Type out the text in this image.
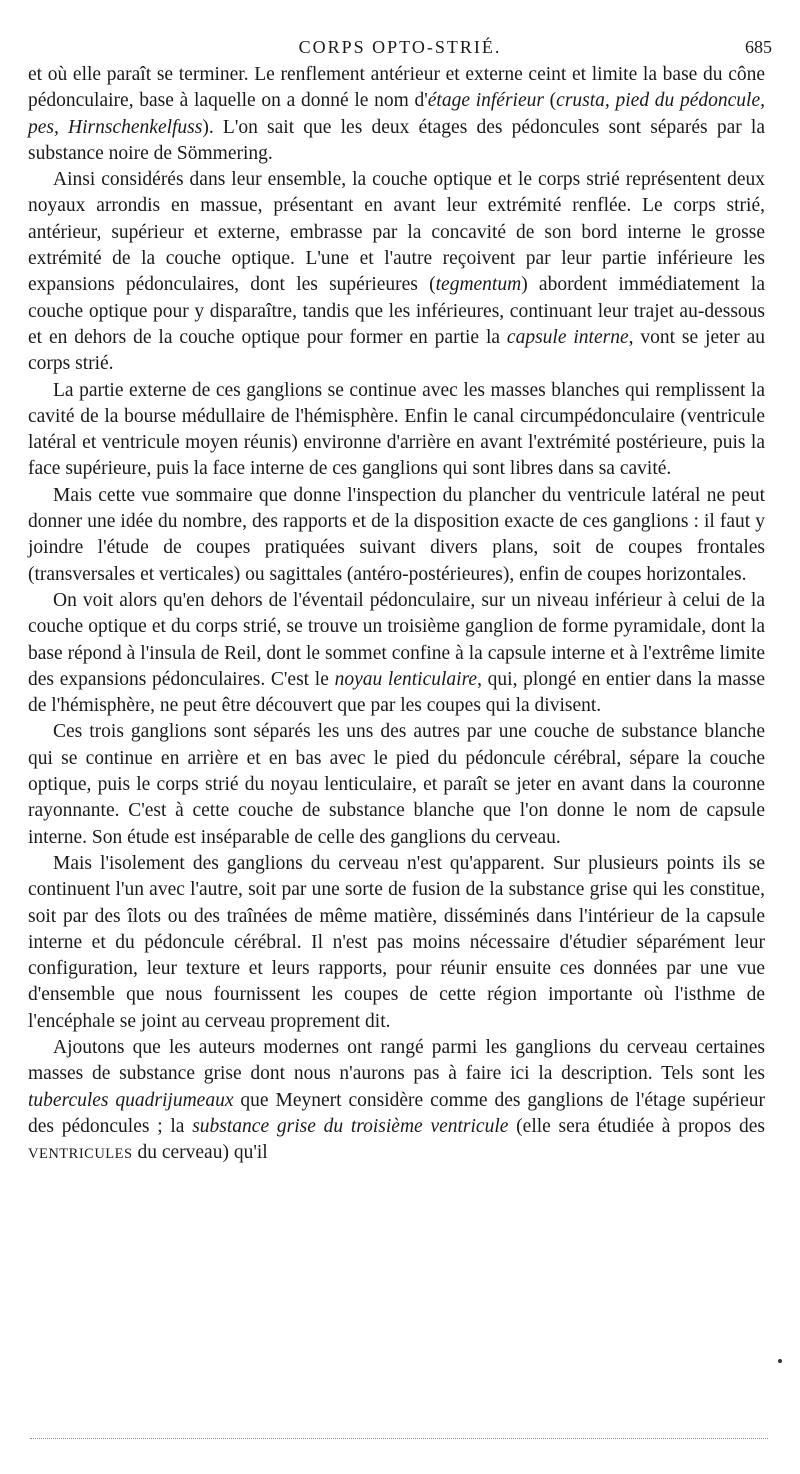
CORPS OPTO-STRIÉ.	685

et où elle paraît se terminer. Le renflement antérieur et externe ceint et limite la base du cône pédonculaire, base à laquelle on a donné le nom d'étage inférieur (crusta, pied du pédoncule, pes, Hirnschenkelfuss). L'on sait que les deux étages des pédoncules sont séparés par la substance noire de Sömmering.

Ainsi considérés dans leur ensemble, la couche optique et le corps strié représentent deux noyaux arrondis en massue, présentant en avant leur extrémité renflée. Le corps strié, antérieur, supérieur et externe, embrasse par la concavité de son bord interne le grosse extrémité de la couche optique. L'une et l'autre reçoivent par leur partie inférieure les expansions pédonculaires, dont les supérieures (tegmentum) abordent immédiatement la couche optique pour y disparaître, tandis que les inférieures, continuant leur trajet au-dessous et en dehors de la couche optique pour former en partie la capsule interne, vont se jeter au corps strié.

La partie externe de ces ganglions se continue avec les masses blanches qui remplissent la cavité de la bourse médullaire de l'hémisphère. Enfin le canal circumpédonculaire (ventricule latéral et ventricule moyen réunis) environne d'arrière en avant l'extrémité postérieure, puis la face supérieure, puis la face interne de ces ganglions qui sont libres dans sa cavité.

Mais cette vue sommaire que donne l'inspection du plancher du ventricule latéral ne peut donner une idée du nombre, des rapports et de la disposition exacte de ces ganglions : il faut y joindre l'étude de coupes pratiquées suivant divers plans, soit de coupes frontales (transversales et verticales) ou sagittales (antéro-postérieures), enfin de coupes horizontales.

On voit alors qu'en dehors de l'éventail pédonculaire, sur un niveau inférieur à celui de la couche optique et du corps strié, se trouve un troisième ganglion de forme pyramidale, dont la base répond à l'insula de Reil, dont le sommet confine à la capsule interne et à l'extrême limite des expansions pédonculaires. C'est le noyau lenticulaire, qui, plongé en entier dans la masse de l'hémisphère, ne peut être découvert que par les coupes qui la divisent.

Ces trois ganglions sont séparés les uns des autres par une couche de substance blanche qui se continue en arrière et en bas avec le pied du pédoncule cérébral, sépare la couche optique, puis le corps strié du noyau lenticulaire, et paraît se jeter en avant dans la couronne rayonnante. C'est à cette couche de substance blanche que l'on donne le nom de capsule interne. Son étude est inséparable de celle des ganglions du cerveau.

Mais l'isolement des ganglions du cerveau n'est qu'apparent. Sur plusieurs points ils se continuent l'un avec l'autre, soit par une sorte de fusion de la substance grise qui les constitue, soit par des îlots ou des traînées de même matière, disséminés dans l'intérieur de la capsule interne et du pédoncule cérébral. Il n'est pas moins nécessaire d'étudier séparément leur configuration, leur texture et leurs rapports, pour réunir ensuite ces données par une vue d'ensemble que nous fournissent les coupes de cette région importante où l'isthme de l'encéphale se joint au cerveau proprement dit.

Ajoutons que les auteurs modernes ont rangé parmi les ganglions du cerveau certaines masses de substance grise dont nous n'aurons pas à faire ici la description. Tels sont les tubercules quadrijumeaux que Meynert considère comme des ganglions de l'étage supérieur des pédoncules ; la substance grise du troisième ventricule (elle sera étudiée à propos des VENTRICULES du cerveau) qu'il
